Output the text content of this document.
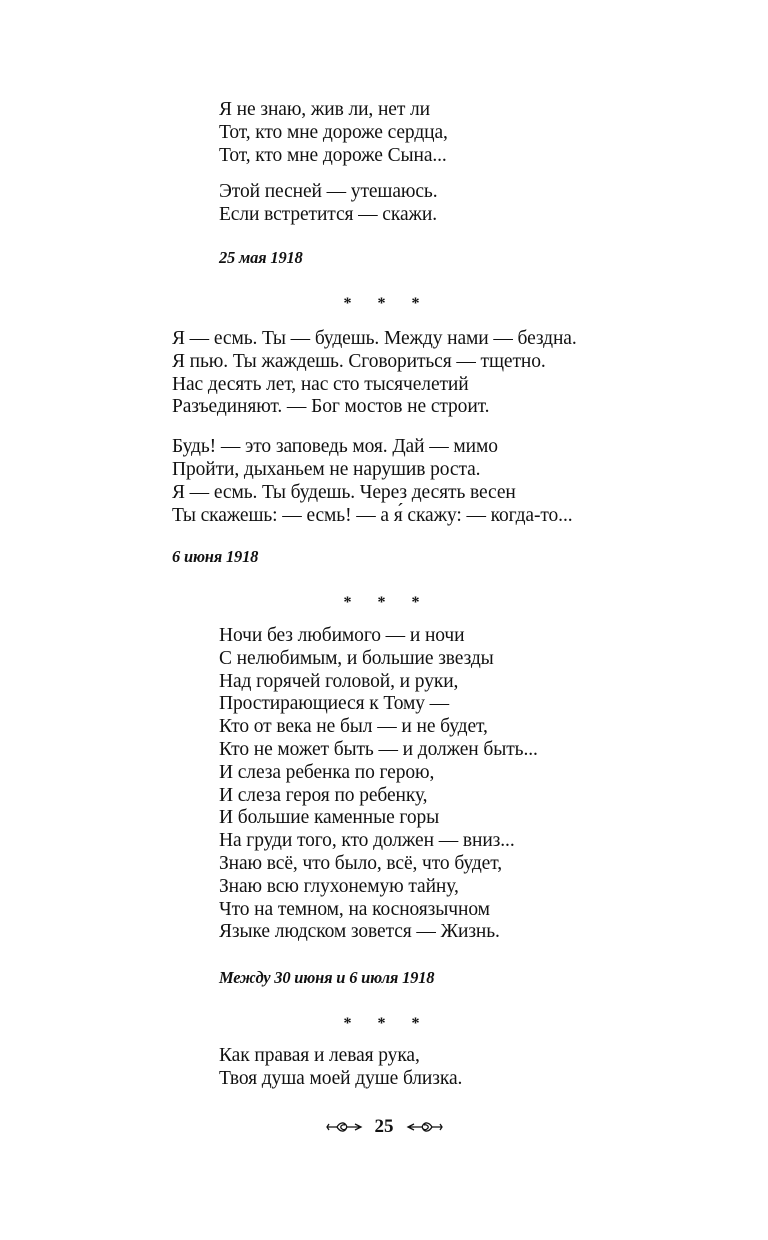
Я не знаю, жив ли, нет ли
Тот, кто мне дороже сердца,
Тот, кто мне дороже Сына...
Этой песней — утешаюсь.
Если встретится — скажи.
25 мая 1918
* * *
Я — есмь. Ты — будешь. Между нами — бездна.
Я пью. Ты жаждешь. Сговориться — тщетно.
Нас десять лет, нас сто тысячелетий
Разъединяют. — Бог мостов не строит.
Будь! — это заповедь моя. Дай — мимо
Пройти, дыханьем не нарушив роста.
Я — есмь. Ты будешь. Через десять весен
Ты скажешь: — есмь! — а я́ скажу: — когда-то...
6 июня 1918
* * *
Ночи без любимого — и ночи
С нелюбимым, и большие звезды
Над горячей головой, и руки,
Простирающиеся к Тому —
Кто от века не был — и не будет,
Кто не может быть — и должен быть...
И слеза ребенка по герою,
И слеза героя по ребенку,
И большие каменные горы
На груди того, кто должен — вниз...
Знаю всё, что было, всё, что будет,
Знаю всю глухонемую тайну,
Что на темном, на косноязычном
Языке людском зовется — Жизнь.
Между 30 июня и 6 июля 1918
* * *
Как правая и левая рука,
Твоя душа моей душе близка.
25
